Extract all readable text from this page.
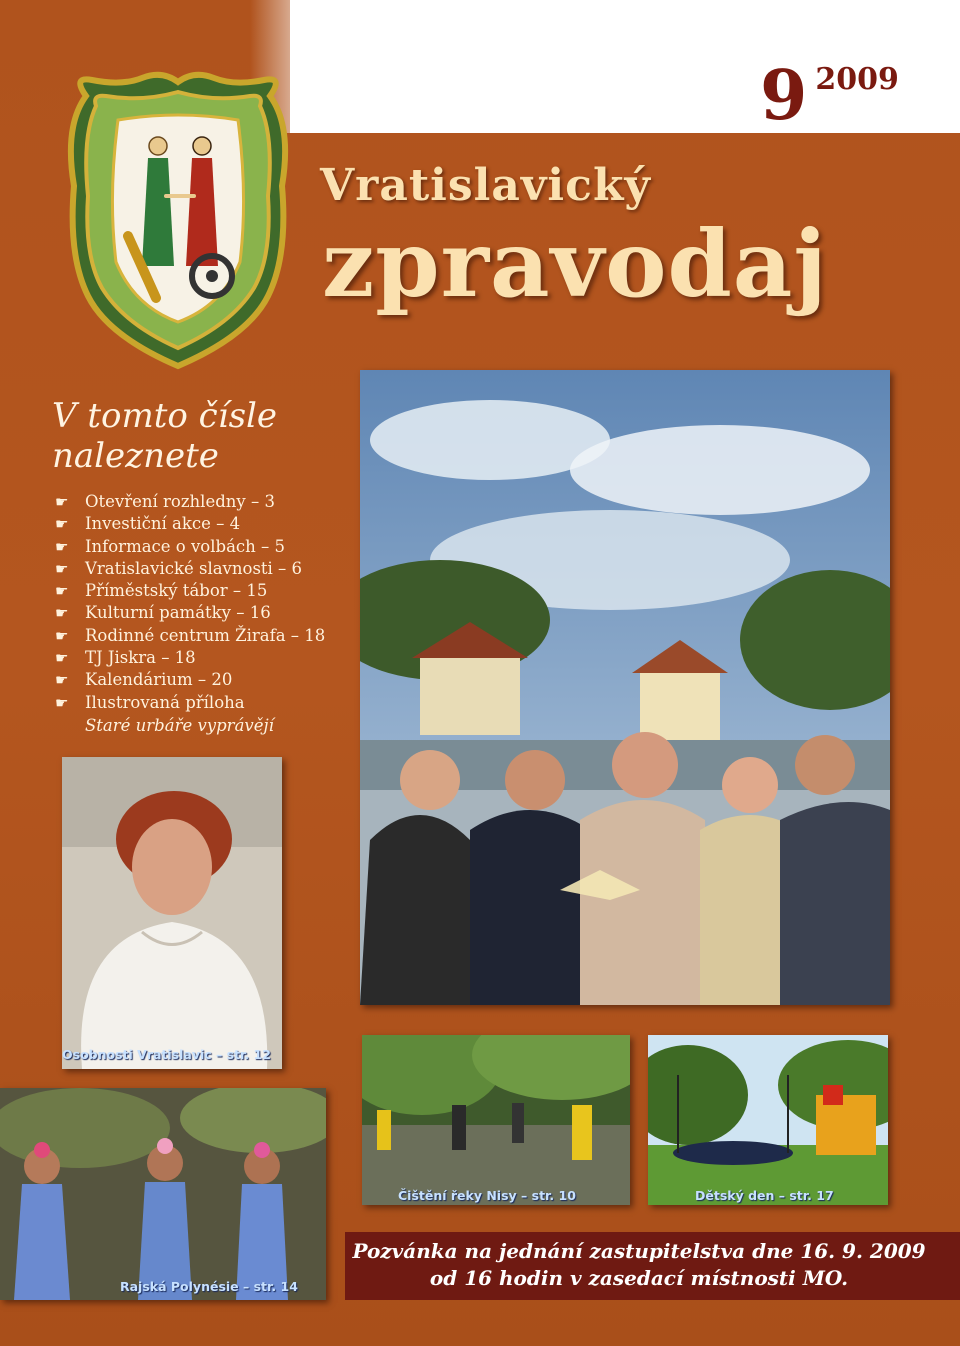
9 2009
Vratislavický
zpravodaj
V tomto čísle
naleznete
☛ Otevření rozhledny – 3
☛ Investiční akce – 4
☛ Informace o volbách – 5
☛ Vratislavické slavnosti – 6
☛ Příměstský tábor – 15
☛ Kulturní památky – 16
☛ Rodinné centrum Žirafa – 18
☛ TJ Jiskra – 18
☛ Kalendárium – 20
☛ Ilustrovaná příloha
Staré urbáře vyprávějí
Osobnosti Vratislavic – str. 12
Čištění řeky Nisy – str. 10	Dětský den – str. 17
Rajská Polynésie – str. 14
Pozvánka na jednání zastupitelstva dne 16. 9. 2009
od 16 hodin v zasedací místnosti MO.
